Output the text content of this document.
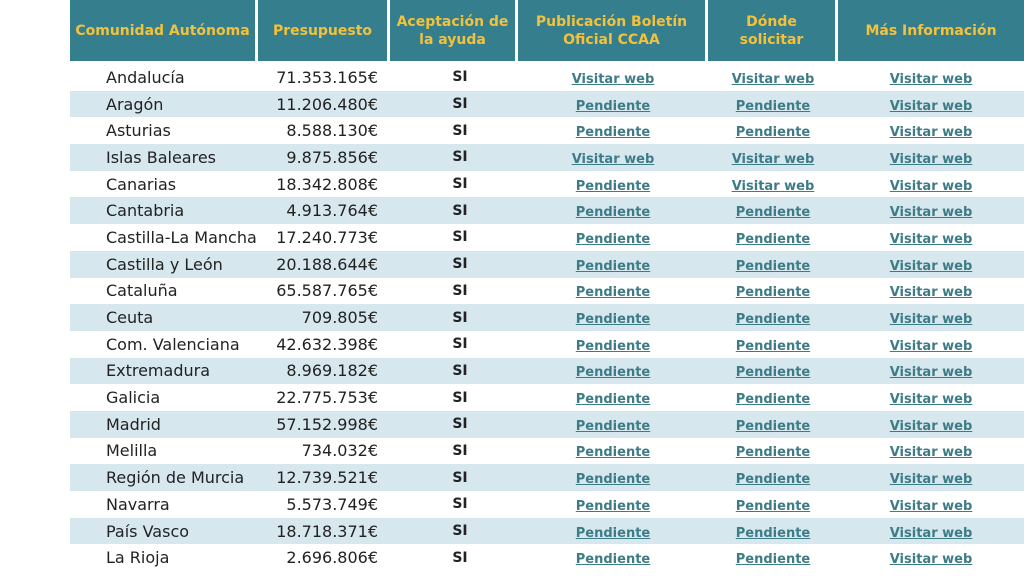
Comunidad Autónoma	Presupuesto	Aceptación de la ayuda	Publicación Boletín Oficial CCAA	Dónde solicitar	Más Información

Andalucía	71.353.165€	SI	Visitar web	Visitar web	Visitar web
Aragón	11.206.480€	SI	Pendiente	Pendiente	Visitar web
Asturias	8.588.130€	SI	Pendiente	Pendiente	Visitar web
Islas Baleares	9.875.856€	SI	Visitar web	Visitar web	Visitar web
Canarias	18.342.808€	SI	Pendiente	Visitar web	Visitar web
Cantabria	4.913.764€	SI	Pendiente	Pendiente	Visitar web
Castilla-La Mancha	17.240.773€	SI	Pendiente	Pendiente	Visitar web
Castilla y León	20.188.644€	SI	Pendiente	Pendiente	Visitar web
Cataluña	65.587.765€	SI	Pendiente	Pendiente	Visitar web
Ceuta	709.805€	SI	Pendiente	Pendiente	Visitar web
Com. Valenciana	42.632.398€	SI	Pendiente	Pendiente	Visitar web
Extremadura	8.969.182€	SI	Pendiente	Pendiente	Visitar web
Galicia	22.775.753€	SI	Pendiente	Pendiente	Visitar web
Madrid	57.152.998€	SI	Pendiente	Pendiente	Visitar web
Melilla	734.032€	SI	Pendiente	Pendiente	Visitar web
Región de Murcia	12.739.521€	SI	Pendiente	Pendiente	Visitar web
Navarra	5.573.749€	SI	Pendiente	Pendiente	Visitar web
País Vasco	18.718.371€	SI	Pendiente	Pendiente	Visitar web
La Rioja	2.696.806€	SI	Pendiente	Pendiente	Visitar web
